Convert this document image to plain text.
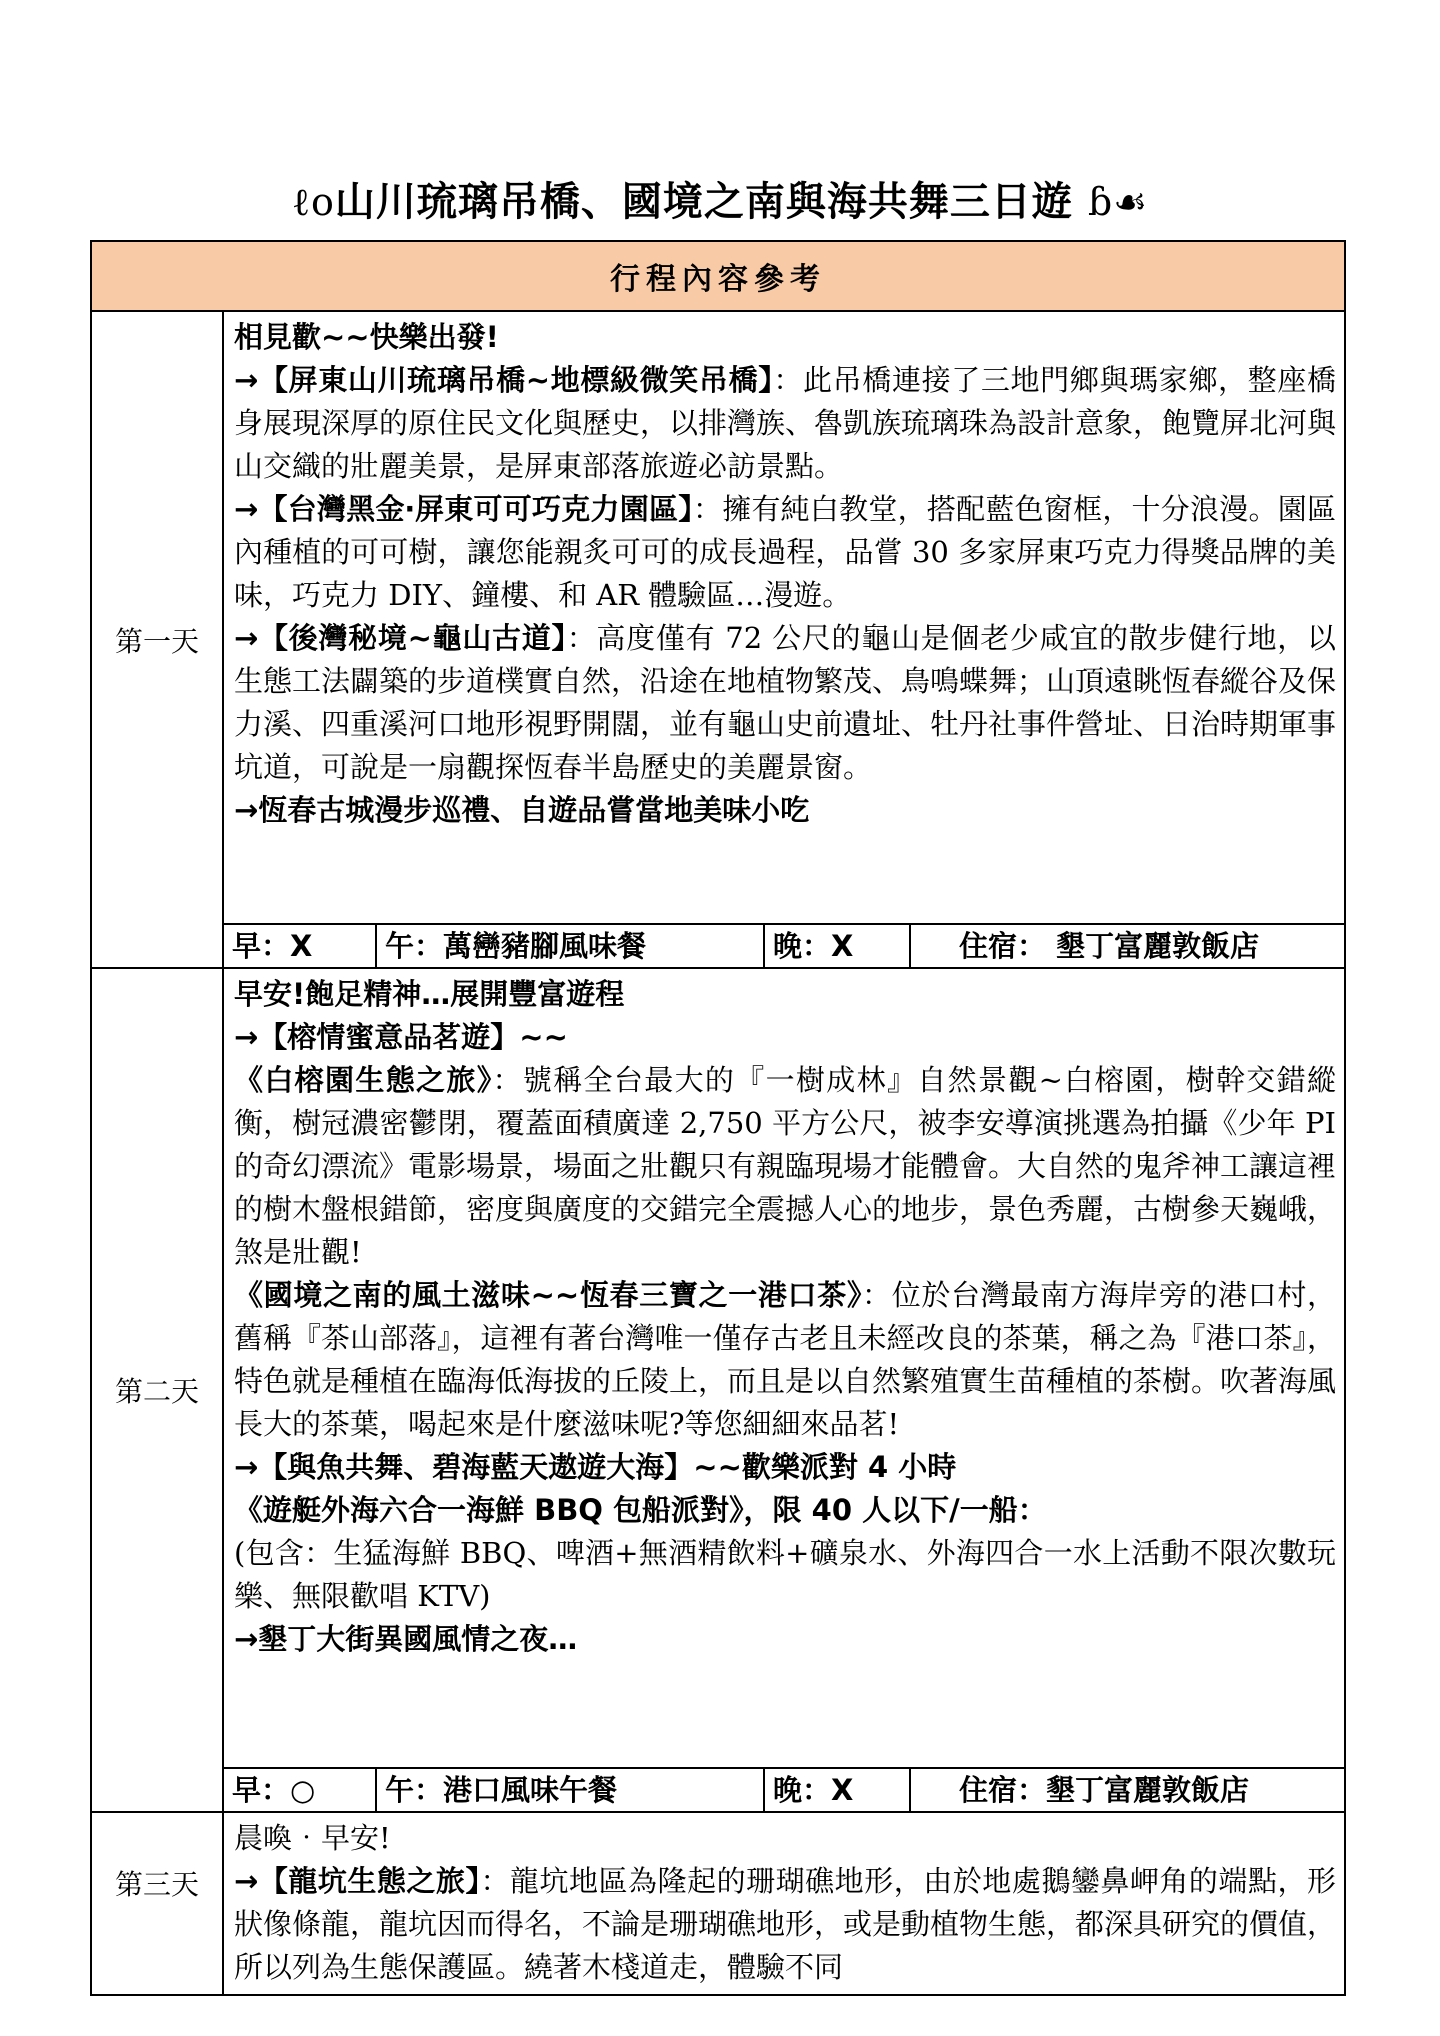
ℓο山川琉璃吊橋、國境之南與海共舞三日遊 ɓ☙
行程內容參考
第一天	

相見歡~~快樂出發!

→【屏東山川琉璃吊橋~地標級微笑吊橋】：此吊橋連接了三地門鄉與瑪家鄉，整座橋身展現深厚的原住民文化與歷史，以排灣族、魯凱族琉璃珠為設計意象，飽覽屏北河與山交織的壯麗美景，是屏東部落旅遊必訪景點。

→【台灣黑金‧屏東可可巧克力園區】：擁有純白教堂，搭配藍色窗框，十分浪漫。園區內種植的可可樹，讓您能親炙可可的成長過程，品嘗 30 多家屏東巧克力得獎品牌的美味，巧克力 DIY、鐘樓、和 AR 體驗區…漫遊。

→【後灣秘境~龜山古道】：高度僅有 72 公尺的龜山是個老少咸宜的散步健行地，以生態工法闢築的步道樸實自然，沿途在地植物繁茂、鳥鳴蝶舞；山頂遠眺恆春縱谷及保力溪、四重溪河口地形視野開闊，並有龜山史前遺址、牡丹社事件營址、日治時期軍事坑道，可說是一扇觀探恆春半島歷史的美麗景窗。

→恆春古城漫步巡禮、自遊品嘗當地美味小吃

早：X	午：萬巒豬腳風味餐	晚：X	住宿： 墾丁富麗敦飯店

第二天	

早安!飽足精神…展開豐富遊程

→【榕情蜜意品茗遊】~~

《白榕園生態之旅》：號稱全台最大的『一樹成林』自然景觀~白榕園，樹幹交錯縱衡，樹冠濃密鬱閉，覆蓋面積廣達 2,750 平方公尺，被李安導演挑選為拍攝《少年 PI 的奇幻漂流》電影場景，場面之壯觀只有親臨現場才能體會。大自然的鬼斧神工讓這裡的樹木盤根錯節，密度與廣度的交錯完全震撼人心的地步，景色秀麗，古樹參天巍峨，煞是壯觀!

《國境之南的風土滋味~~恆春三寶之一港口茶》：位於台灣最南方海岸旁的港口村，舊稱『茶山部落』，這裡有著台灣唯一僅存古老且未經改良的茶葉，稱之為『港口茶』，特色就是種植在臨海低海拔的丘陵上，而且是以自然繁殖實生苗種植的茶樹。吹著海風長大的茶葉，喝起來是什麼滋味呢?等您細細來品茗!

→【與魚共舞、碧海藍天遨遊大海】~~歡樂派對 4 小時

《遊艇外海六合一海鮮 BBQ 包船派對》，限 40 人以下/一船：

(包含：生猛海鮮 BBQ、啤酒+無酒精飲料+礦泉水、外海四合一水上活動不限次數玩樂、無限歡唱 KTV)

→墾丁大街異國風情之夜…

早：○	午：港口風味午餐	晚：X	住宿：墾丁富麗敦飯店

第三天	

晨喚‧早安!

→【龍坑生態之旅】：龍坑地區為隆起的珊瑚礁地形，由於地處鵝鑾鼻岬角的端點，形狀像條龍，龍坑因而得名，不論是珊瑚礁地形，或是動植物生態，都深具研究的價值，所以列為生態保護區。繞著木棧道走，體驗不同
